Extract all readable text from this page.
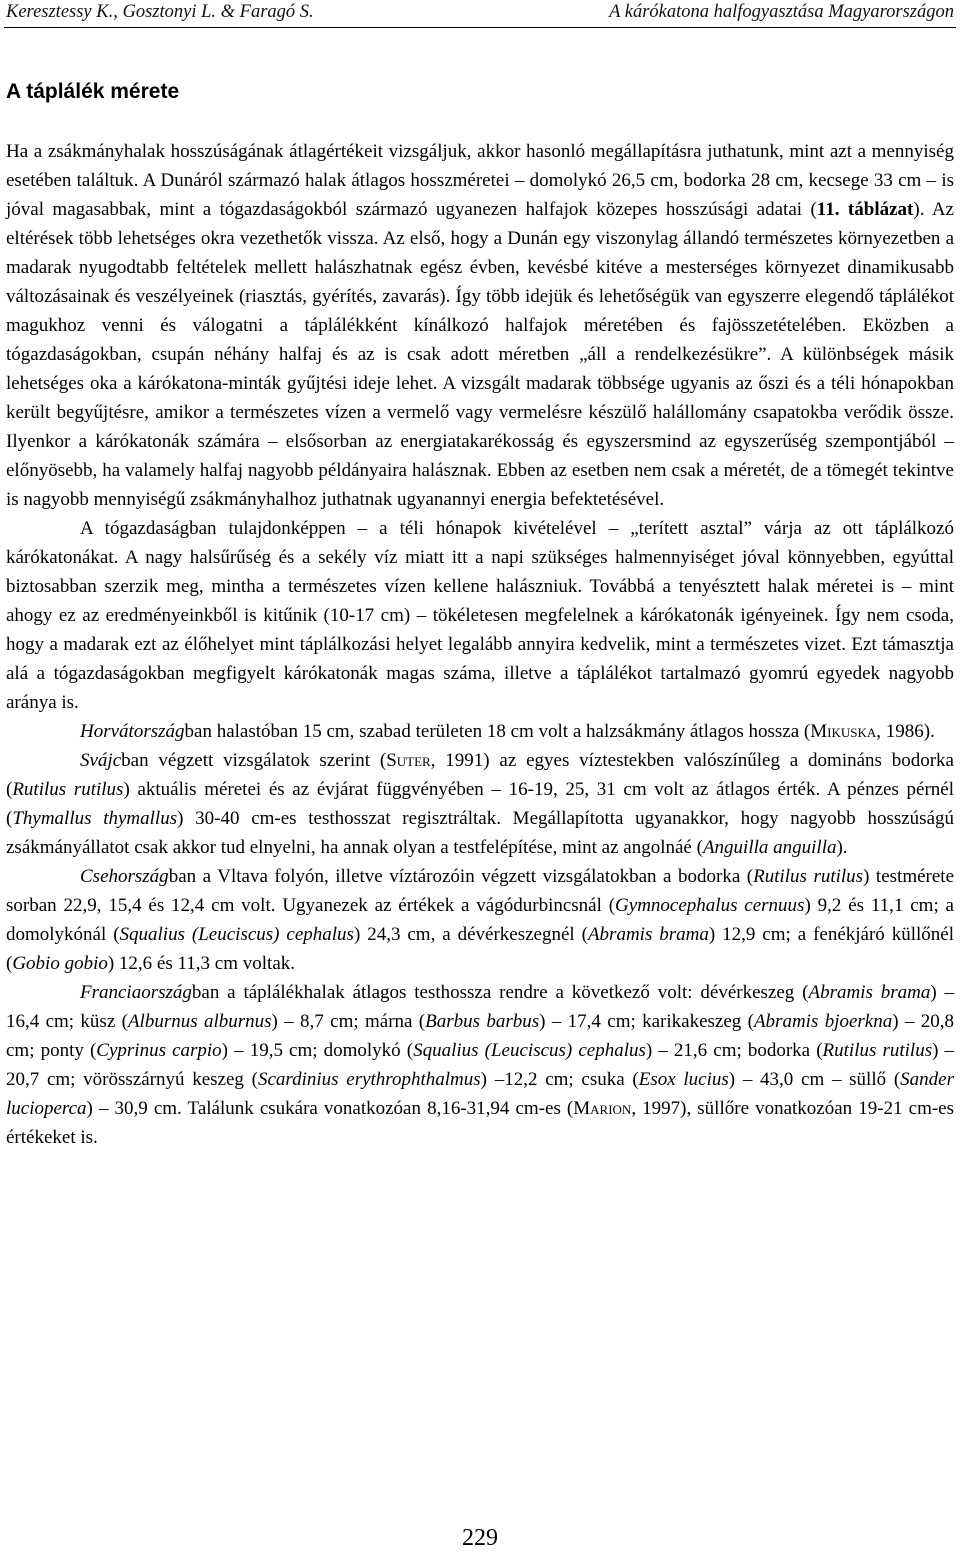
Keresztessy K., Gosztonyi L. & Faragó S.	A kárókatona halfogyasztása Magyarországon
A táplálék mérete

Ha a zsákmányhalak hosszúságának átlagértékeit vizsgáljuk, akkor hasonló megállapításra juthatunk, mint azt a mennyiség esetében találtuk. A Dunáról származó halak átlagos hosszméretei – domolykó 26,5 cm, bodorka 28 cm, kecsege 33 cm – is jóval magasabbak, mint a tógazdaságokból származó ugyanezen halfajok közepes hosszúsági adatai (11. táblázat). Az eltérések több lehetséges okra vezethetők vissza. Az első, hogy a Dunán egy viszonylag állandó természetes környezetben a madarak nyugodtabb feltételek mellett halászhatnak egész évben, kevésbé kitéve a mesterséges környezet dinamikusabb változásainak és veszélyeinek (riasztás, gyérítés, zavarás). Így több idejük és lehetőségük van egyszerre elegendő táplálékot magukhoz venni és válogatni a táplálékként kínálkozó halfajok méretében és fajösszetételében. Eközben a tógazdaságokban, csupán néhány halfaj és az is csak adott méretben „áll a rendelkezésükre”. A különbségek másik lehetséges oka a kárókatona-minták gyűjtési ideje lehet. A vizsgált madarak többsége ugyanis az őszi és a téli hónapokban került begyűjtésre, amikor a természetes vízen a vermelő vagy vermelésre készülő halállomány csapatokba verődik össze. Ilyenkor a kárókatonák számára – elsősorban az energiatakarékosság és egyszersmind az egyszerűség szempontjából – előnyösebb, ha valamely halfaj nagyobb példányaira halásznak. Ebben az esetben nem csak a méretét, de a tömegét tekintve is nagyobb mennyiségű zsákmányhalhoz juthatnak ugyanannyi energia befektetésével.

A tógazdaságban tulajdonképpen – a téli hónapok kivételével – „terített asztal” várja az ott táplálkozó kárókatonákat. A nagy halsűrűség és a sekély víz miatt itt a napi szükséges halmennyiséget jóval könnyebben, egyúttal biztosabban szerzik meg, mintha a természetes vízen kellene halászniuk. Továbbá a tenyésztett halak méretei is – mint ahogy ez az eredményeinkből is kitűnik (10-17 cm) – tökéletesen megfelelnek a kárókatonák igényeinek. Így nem csoda, hogy a madarak ezt az élőhelyet mint táplálkozási helyet legalább annyira kedvelik, mint a természetes vizet. Ezt támasztja alá a tógazdaságokban megfigyelt kárókatonák magas száma, illetve a táplálékot tartalmazó gyomrú egyedek nagyobb aránya is.

Horvátországban halastóban 15 cm, szabad területen 18 cm volt a halzsákmány átlagos hossza (Mikuska, 1986).

Svájcban végzett vizsgálatok szerint (Suter, 1991) az egyes víztestekben valószínűleg a domináns bodorka (Rutilus rutilus) aktuális méretei és az évjárat függvényében – 16-19, 25, 31 cm volt az átlagos érték. A pénzes pérnél (Thymallus thymallus) 30-40 cm-es testhosszat regisztráltak. Megállapította ugyanakkor, hogy nagyobb hosszúságú zsákmányállatot csak akkor tud elnyelni, ha annak olyan a testfelépítése, mint az angolnáé (Anguilla anguilla).

Csehországban a Vltava folyón, illetve víztározóin végzett vizsgálatokban a bodorka (Rutilus rutilus) testmérete sorban 22,9, 15,4 és 12,4 cm volt. Ugyanezek az értékek a vágódurbincsnál (Gymnocephalus cernuus) 9,2 és 11,1 cm; a domolykónál (Squalius (Leuciscus) cephalus) 24,3 cm, a dévérkeszegnél (Abramis brama) 12,9 cm; a fenékjáró küllőnél (Gobio gobio) 12,6 és 11,3 cm voltak.

Franciaországban a táplálékhalak átlagos testhossza rendre a következő volt: dévérkeszeg (Abramis brama) – 16,4 cm; küsz (Alburnus alburnus) – 8,7 cm; márna (Barbus barbus) – 17,4 cm; karikakeszeg (Abramis bjoerkna) – 20,8 cm; ponty (Cyprinus carpio) – 19,5 cm; domolykó (Squalius (Leuciscus) cephalus) – 21,6 cm; bodorka (Rutilus rutilus) – 20,7 cm; vörösszárnyú keszeg (Scardinius erythrophthalmus) –12,2 cm; csuka (Esox lucius) – 43,0 cm – süllő (Sander lucioperca) – 30,9 cm. Találunk csukára vonatkozóan 8,16-31,94 cm-es (Marion, 1997), süllőre vonatkozóan 19-21 cm-es értékeket is.

229
